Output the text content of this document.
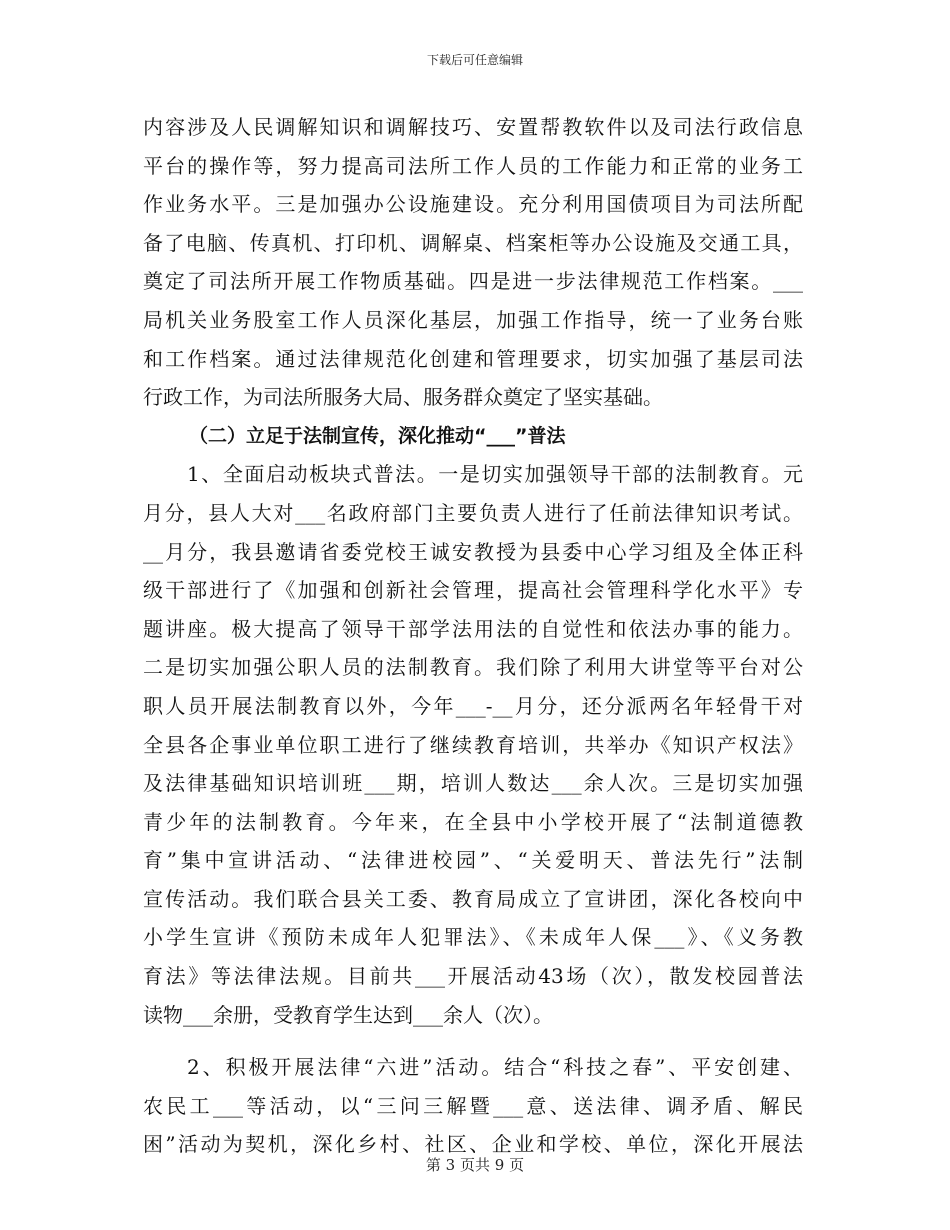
下载后可任意编辑
内容涉及人民调解知识和调解技巧、安置帮教软件以及司法行政信息
平台的操作等，努力提高司法所工作人员的工作能力和正常的业务工
作业务水平。三是加强办公设施建设。充分利用国债项目为司法所配
备了电脑、传真机、打印机、调解桌、档案柜等办公设施及交通工具，
奠定了司法所开展工作物质基础。四是进一步法律规范工作档案。___
局机关业务股室工作人员深化基层，加强工作指导，统一了业务台账
和工作档案。通过法律规范化创建和管理要求，切实加强了基层司法
行政工作，为司法所服务大局、服务群众奠定了坚实基础。
（二）立足于法制宣传，深化推动“___”普法
1、全面启动板块式普法。一是切实加强领导干部的法制教育。元
月分，县人大对___名政府部门主要负责人进行了任前法律知识考试。
__月分，我县邀请省委党校王诚安教授为县委中心学习组及全体正科
级干部进行了《加强和创新社会管理，提高社会管理科学化水平》专
题讲座。极大提高了领导干部学法用法的自觉性和依法办事的能力。
二是切实加强公职人员的法制教育。我们除了利用大讲堂等平台对公
职人员开展法制教育以外，今年___-__月分，还分派两名年轻骨干对
全县各企事业单位职工进行了继续教育培训，共举办《知识产权法》
及法律基础知识培训班___期，培训人数达___余人次。三是切实加强
青少年的法制教育。今年来，在全县中小学校开展了“法制道德教
育”集中宣讲活动、“法律进校园”、“关爱明天、普法先行”法制
宣传活动。我们联合县关工委、教育局成立了宣讲团，深化各校向中
小学生宣讲《预防未成年人犯罪法》、《未成年人保___》、《义务教
育法》等法律法规。目前共___开展活动43场（次），散发校园普法
读物___余册，受教育学生达到___余人（次）。
2、积极开展法律“六进”活动。结合“科技之春”、平安创建、
农民工___等活动，以“三问三解暨___意、送法律、调矛盾、解民
困”活动为契机，深化乡村、社区、企业和学校、单位，深化开展法
第 3 页共 9 页
